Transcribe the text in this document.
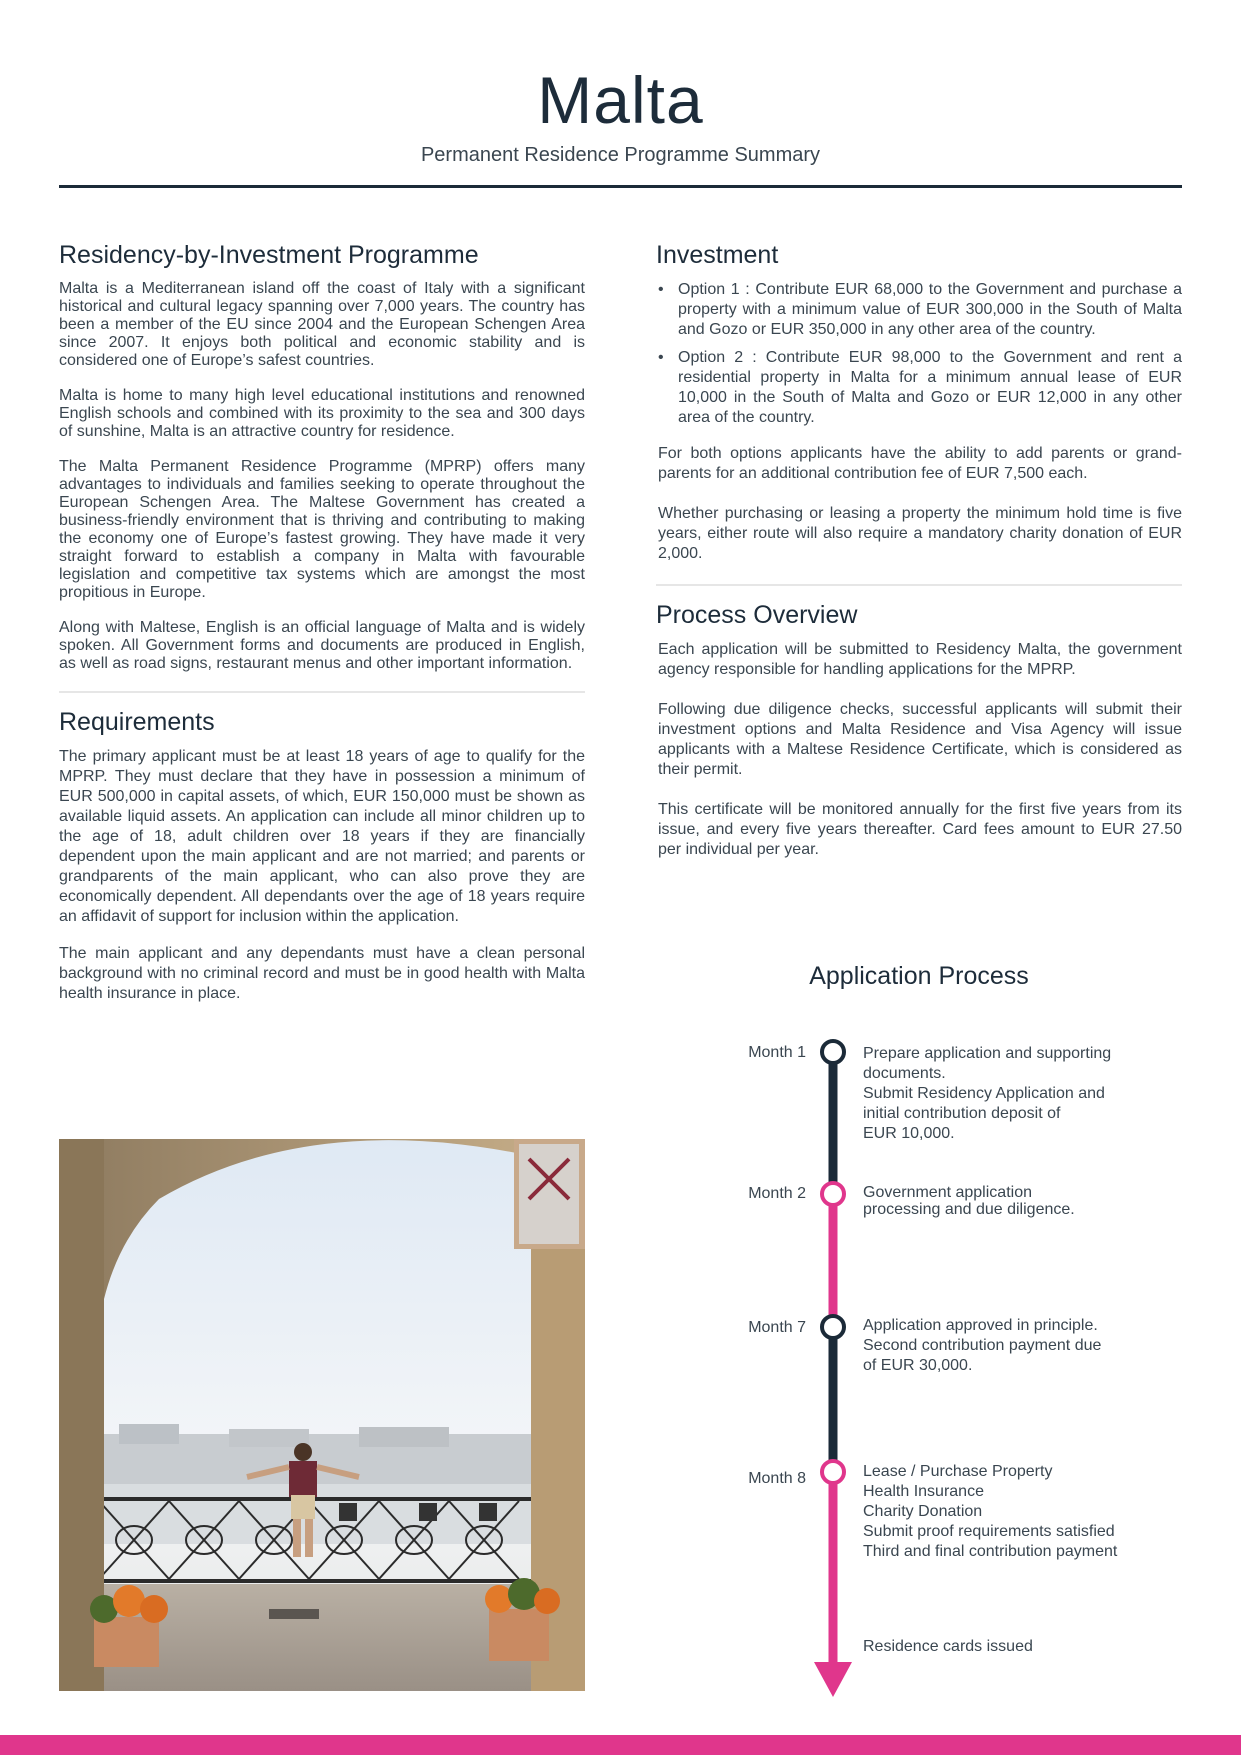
Malta
Permanent Residence Programme Summary
Residency-by-Investment Programme

Malta is a Mediterranean island off the coast of Italy with a significant historical and cultural legacy spanning over 7,000 years. The country has been a member of the EU since 2004 and the European Schengen Area since 2007. It enjoys both political and economic stability and is considered one of Europe’s safest countries.

Malta is home to many high level educational institutions and renowned English schools and combined with its proximity to the sea and 300 days of sunshine, Malta is an attractive country for residence.

The Malta Permanent Residence Programme (MPRP) offers many advantages to individuals and families seeking to operate throughout the European Schengen Area. The Maltese Government has created a business-friendly environment that is thriving and contributing to making the economy one of Europe’s fastest growing. They have made it very straight forward to establish a company in Malta with favourable legislation and competitive tax systems which are amongst the most propitious in Europe.

Along with Maltese, English is an official language of Malta and is widely spoken. All Government forms and documents are produced in English, as well as road signs, restaurant menus and other important information.

Requirements

The primary applicant must be at least 18 years of age to qualify for the MPRP. They must declare that they have in possession a minimum of EUR 500,000 in capital assets, of which, EUR 150,000 must be shown as available liquid assets. An application can include all minor children up to the age of 18, adult children over 18 years if they are financially dependent upon the main applicant and are not married; and parents or grandparents of the main applicant, who can also prove they are economically dependent. All dependants over the age of 18 years require an affidavit of support for inclusion within the application.

The main applicant and any dependants must have a clean personal background with no criminal record and must be in good health with Malta health insurance in place.

Investment
• Option 1 : Contribute EUR 68,000 to the Government and purchase a property with a minimum value of EUR 300,000 in the South of Malta and Gozo or EUR 350,000 in any other area of the country.
• Option 2 : Contribute EUR 98,000 to the Government and rent a residential property in Malta for a minimum annual lease of EUR 10,000 in the South of Malta and Gozo or EUR 12,000 in any other area of the country.

For both options applicants have the ability to add parents or grand-parents for an additional contribution fee of EUR 7,500 each.

Whether purchasing or leasing a property the minimum hold time is five years, either route will also require a mandatory charity donation of EUR 2,000.

Process Overview

Each application will be submitted to Residency Malta, the government agency responsible for handling applications for the MPRP.

Following due diligence checks, successful applicants will submit their investment options and Malta Residence and Visa Agency will issue applicants with a Maltese Residence Certificate, which is considered as their permit.

This certificate will be monitored annually for the first five years from its issue, and every five years thereafter. Card fees amount to EUR 27.50 per individual per year.

Application Process
Month 1	Prepare application and supporting
documents.
Submit Residency Application and
initial contribution deposit of
EUR 10,000.
Month 2	Government application
processing and due diligence.
Month 7	Application approved in principle.
Second contribution payment due
of EUR 30,000.
Month 8	Lease / Purchase Property
Health Insurance
Charity Donation
Submit proof requirements satisfied
Third and final contribution payment
Residence cards issued
